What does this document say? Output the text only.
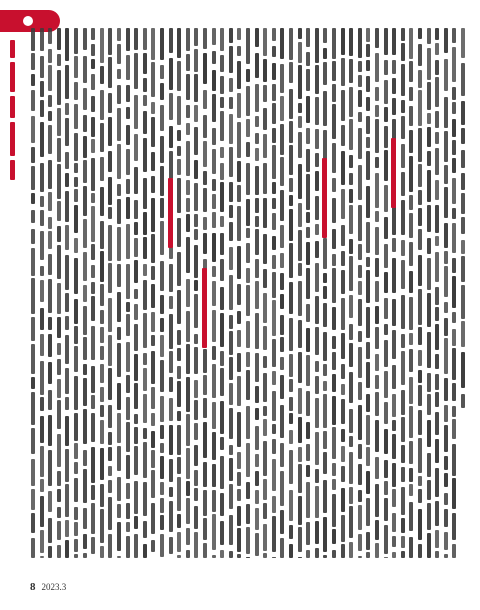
8 2023.3
